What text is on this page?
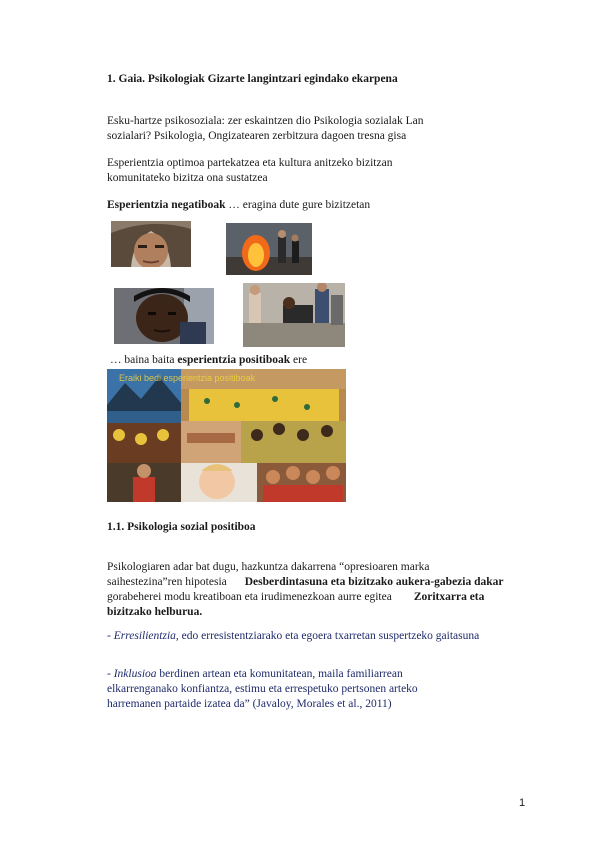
1. Gaia. Psikologiak Gizarte langintzari egindako ekarpena
Esku-hartze psikosoziala: zer eskaintzen dio Psikologia sozialak Lan
sozialari? Psikologia, Ongizatearen zerbitzura dagoen tresna gisa
Esperientzia optimoa partekatzea eta kultura anitzeko bizitzan
komunitateko bizitza ona sustatzea
Esperientzia negatiboak … eragina dute gure bizitzetan
… baina baita esperientzia positiboak ere
Eraiki bedi esperientzia positiboak
1.1. Psikologia sozial positiboa
Psikologiaren adar bat dugu, hazkuntza dakarrena “opresioaren marka
saihestezina”ren hipotesia Desberdintasuna eta bizitzako aukera-gabezia dakar
gorabeherei modu kreatiboan eta irudimenezkoan aurre egitea Zoritxarra eta
bizitzako helburua.
- Erresilientzia, edo erresistentziarako eta egoera txarretan suspertzeko gaitasuna
- Inklusioa berdinen artean eta komunitatean, maila familiarrean
elkarrenganako konfiantza, estimu eta errespetuko pertsonen arteko
harremanen partaide izatea da” (Javaloy, Morales et al., 2011)
1
